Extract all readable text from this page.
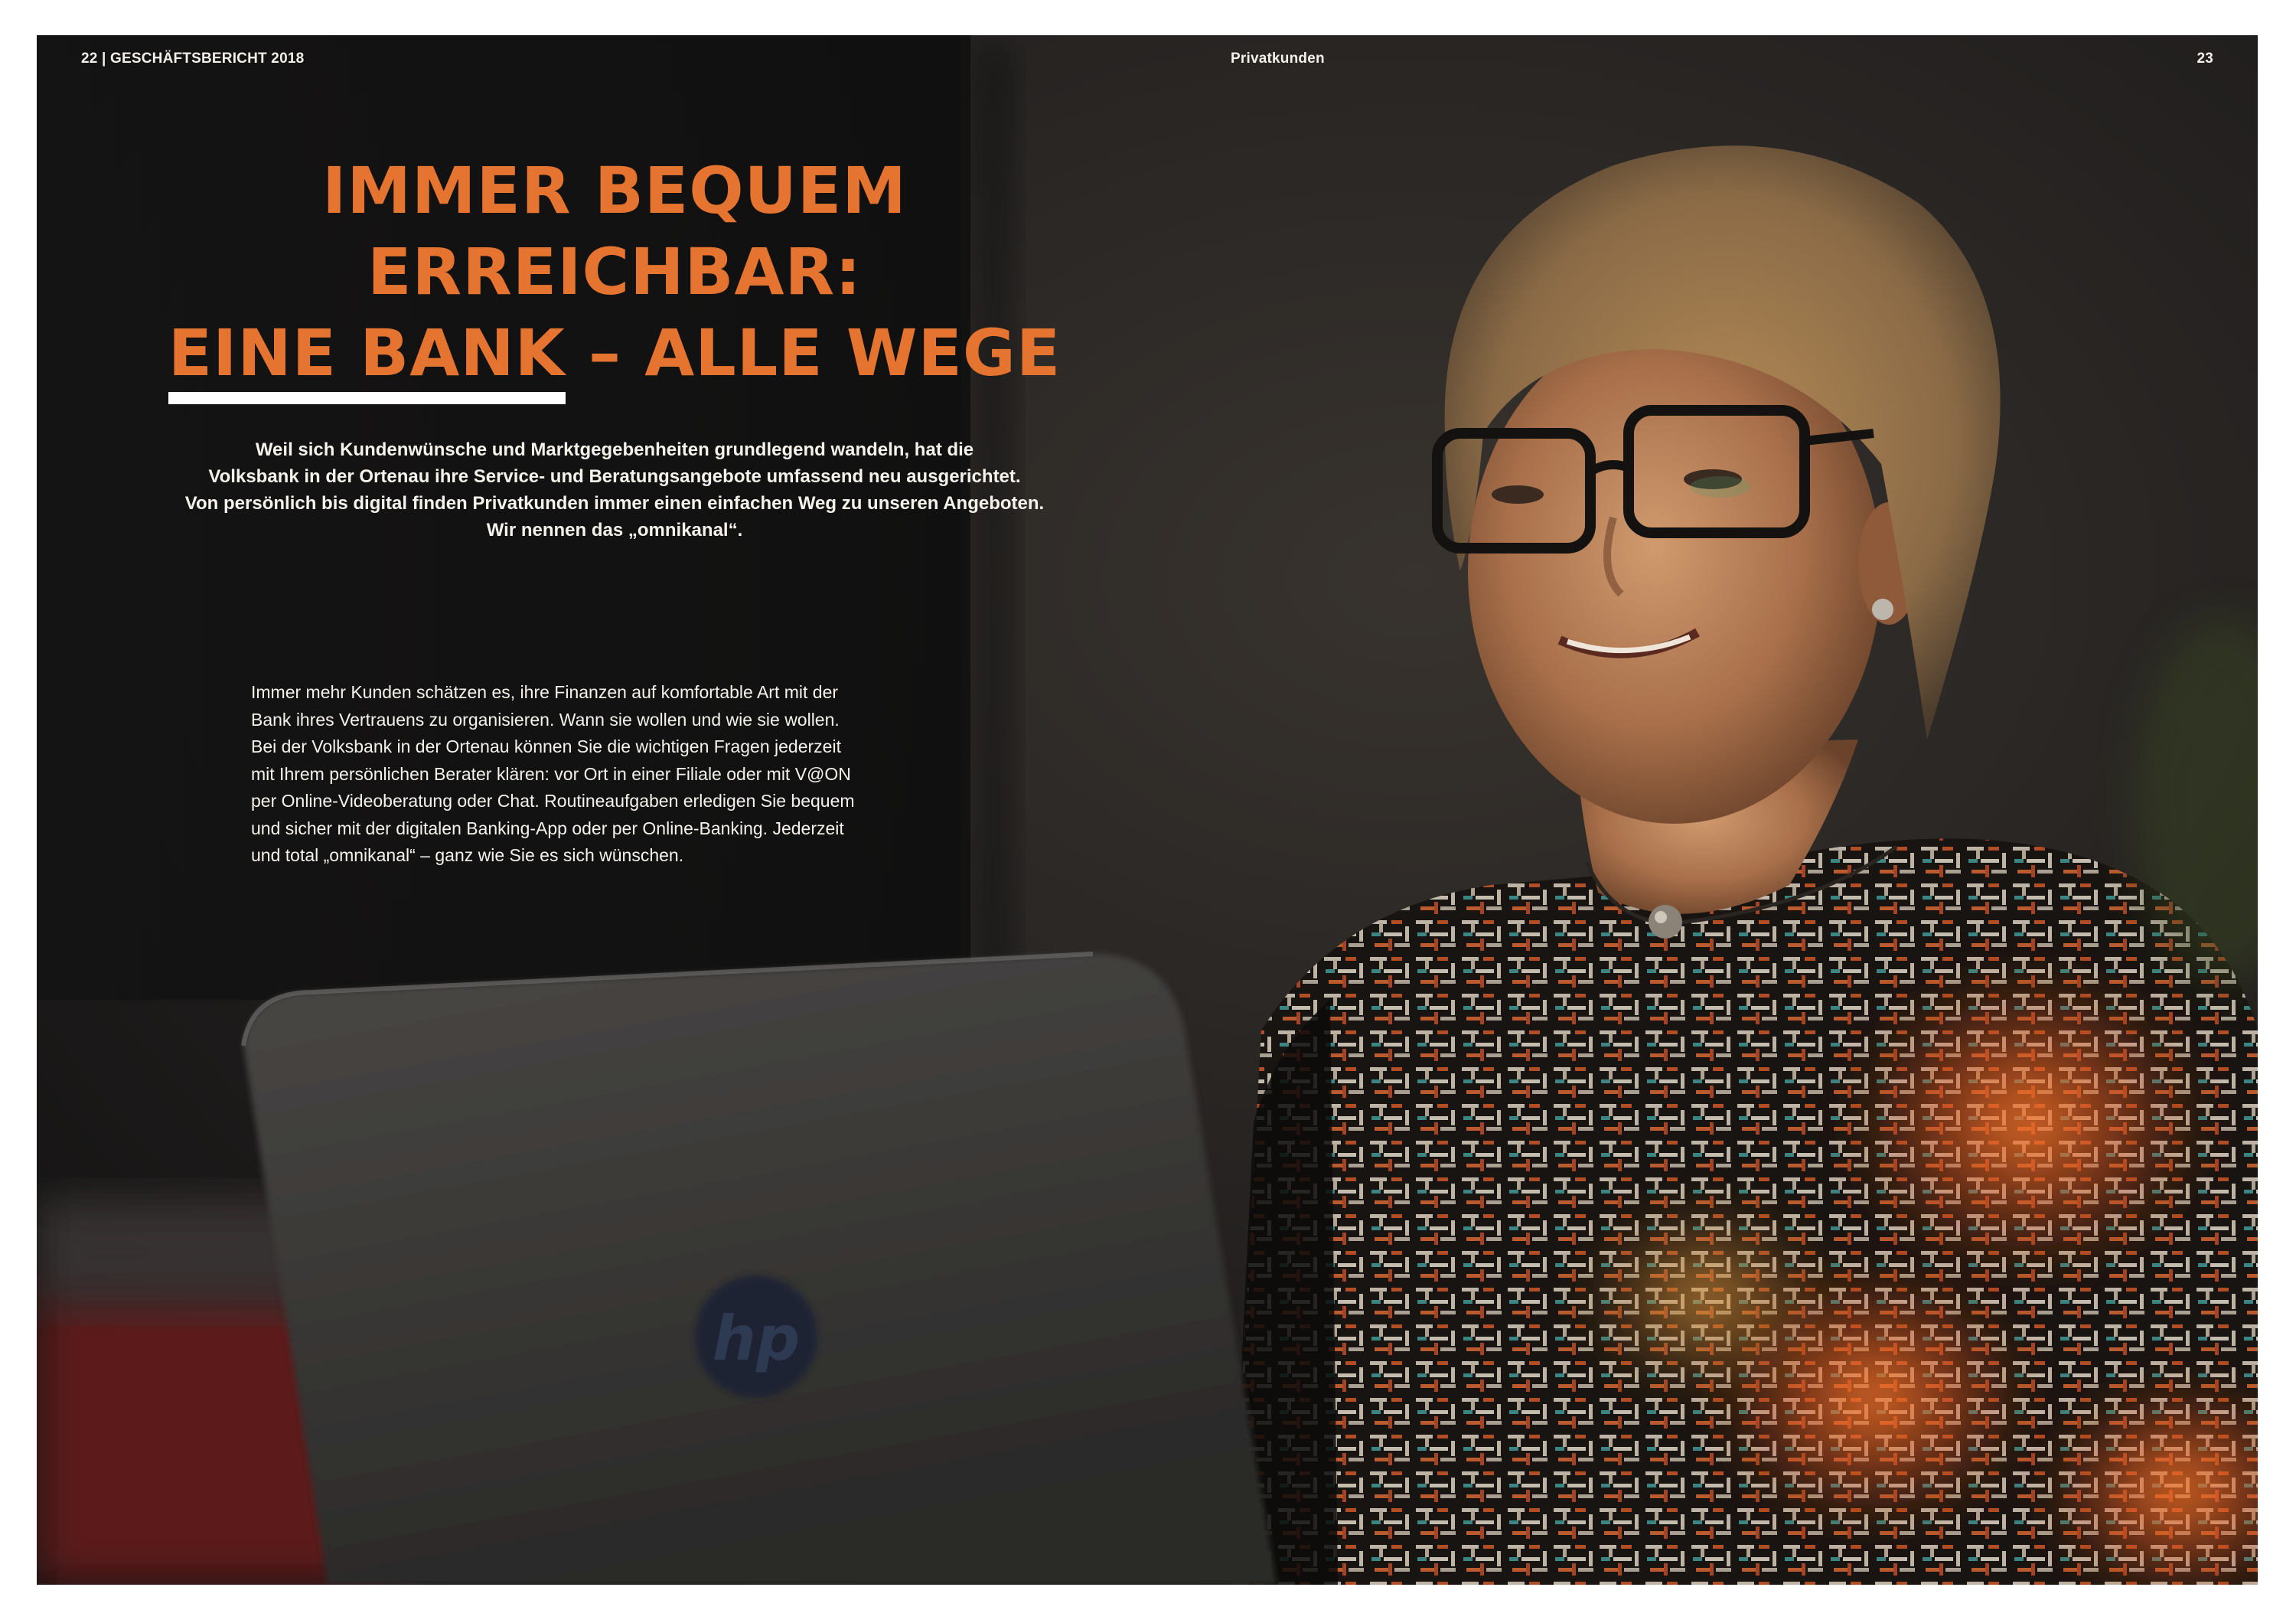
hp
22 | GESCHÄFTSBERICHT 2018	Privatkunden	23
IMMER BEQUEM
ERREICHBAR:
EINE BANK
– ALLE WEGE

Weil sich Kundenwünsche und Marktgegebenheiten grundlegend wandeln, hat die
Volksbank in der Ortenau ihre Service- und Beratungsangebote umfassend neu ausgerichtet.
Von persönlich bis digital finden Privatkunden immer einen einfachen Weg zu unseren Angeboten.
Wir nennen das „omnikanal“.

Immer mehr Kunden schätzen es, ihre Finanzen auf komfortable Art mit der
Bank ihres Vertrauens zu organisieren. Wann sie wollen und wie sie wollen.
Bei der Volksbank in der Ortenau können Sie die wichtigen Fragen jederzeit
mit Ihrem persönlichen Berater klären: vor Ort in einer Filiale oder mit V@ON
per Online-Videoberatung oder Chat. Routineaufgaben erledigen Sie bequem
und sicher mit der digitalen Banking-App oder per Online-Banking. Jederzeit
und total „omnikanal“ – ganz wie Sie es sich wünschen.
